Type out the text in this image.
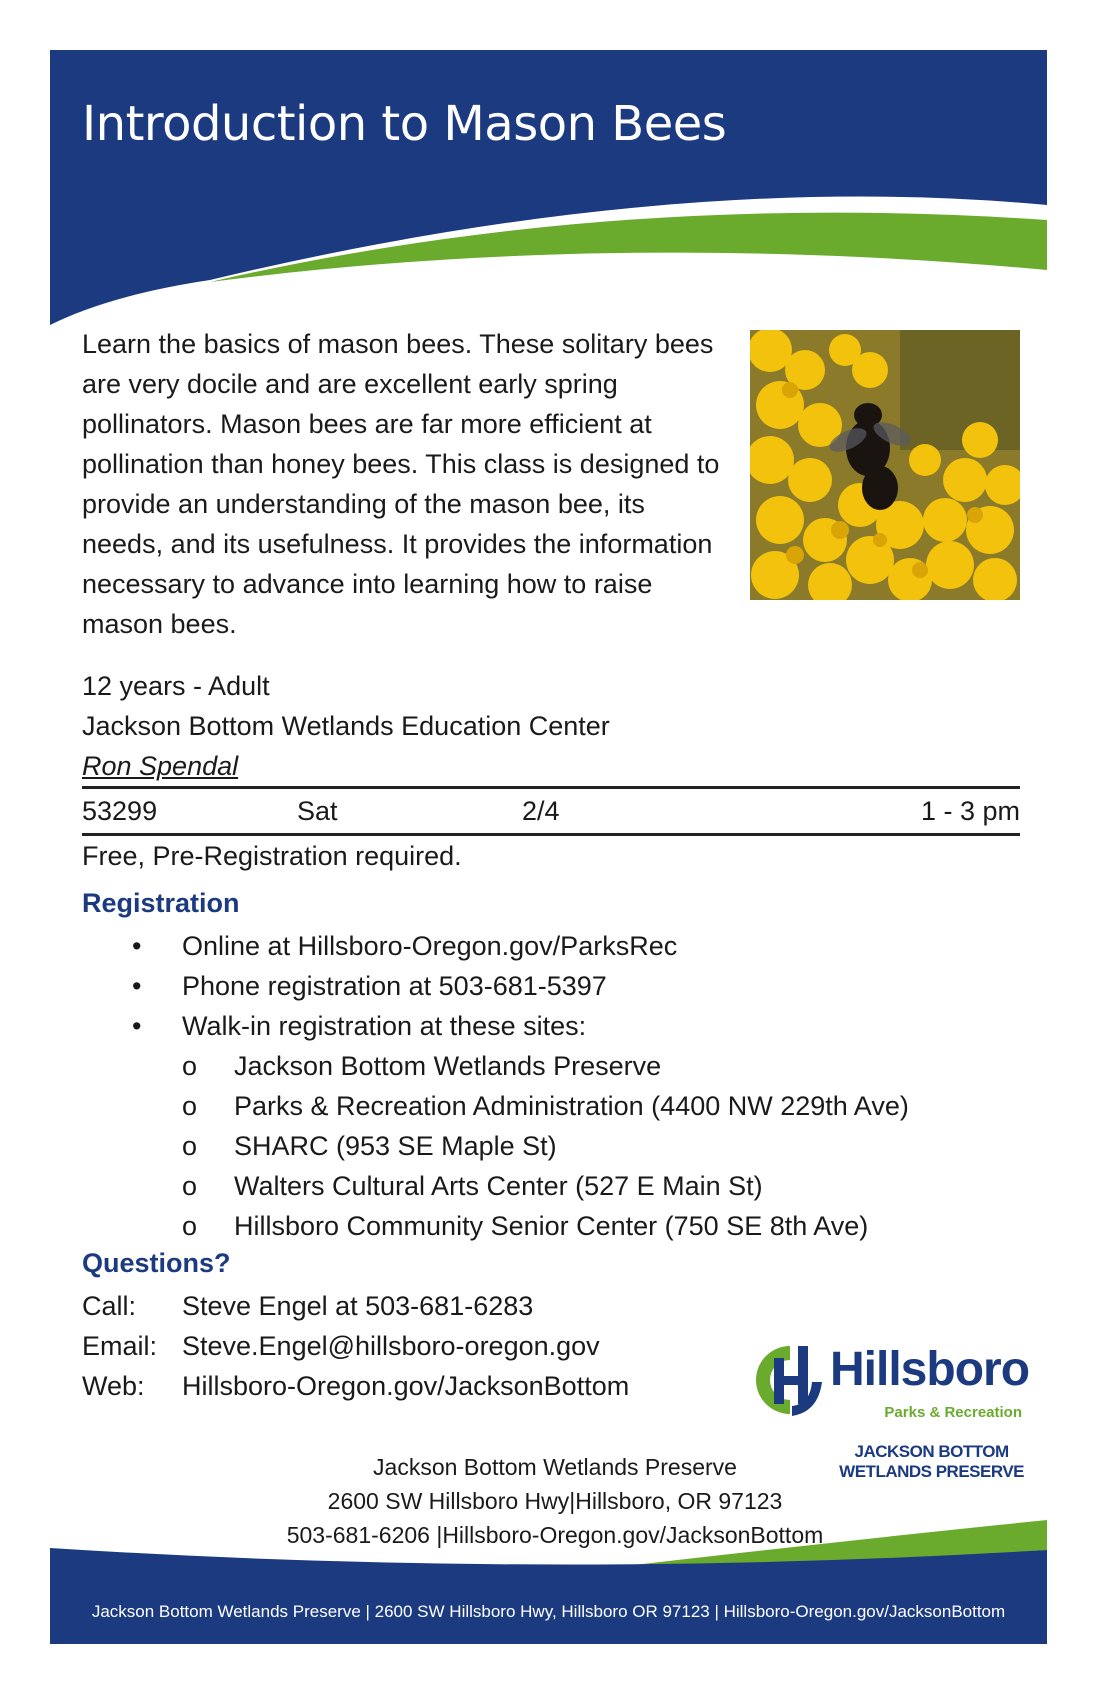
Introduction to Mason Bees

Learn the basics of mason bees. These solitary bees are very docile and are excellent early spring pollinators. Mason bees are far more efficient at pollination than honey bees. This class is designed to provide an understanding of the mason bee, its needs, and its usefulness. It provides the information necessary to advance into learning how to raise mason bees.

12 years - Adult
Jackson Bottom Wetlands Education Center
Ron Spendal
53299	Sat	2/4	1 - 3 pm
Free, Pre-Registration required.
Registration
• Online at Hillsboro-Oregon.gov/ParksRec
• Phone registration at 503-681-5397
• Walk-in registration at these sites:
o Jackson Bottom Wetlands Preserve
o Parks & Recreation Administration (4400 NW 229th Ave)
o SHARC (953 SE Maple St)
o Walters Cultural Arts Center (527 E Main St)
o Hillsboro Community Senior Center (750 SE 8th Ave)
Questions?
Call: Steve Engel at 503-681-6283
Email: Steve.Engel@hillsboro-oregon.gov
Web: Hillsboro-Oregon.gov/JacksonBottom	Hillsboro
Parks & Recreation
JACKSON BOTTOM
WETLANDS PRESERVE
Jackson Bottom Wetlands Preserve
2600 SW Hillsboro Hwy|Hillsboro, OR 97123
503-681-6206 |Hillsboro-Oregon.gov/JacksonBottom
Jackson Bottom Wetlands Preserve | 2600 SW Hillsboro Hwy, Hillsboro OR 97123 | Hillsboro-Oregon.gov/JacksonBottom
